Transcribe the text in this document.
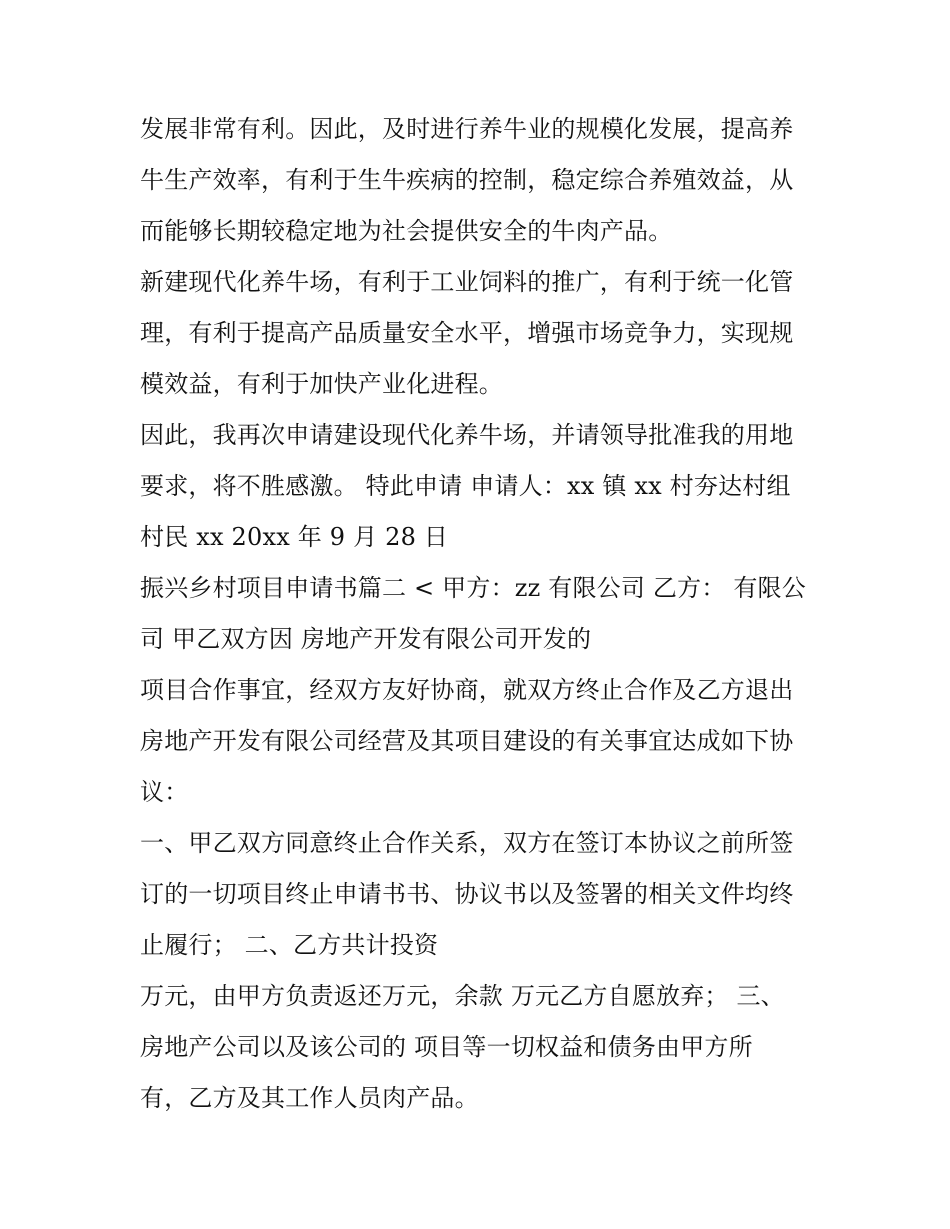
发展非常有利。因此，及时进行养牛业的规模化发展，提高养
牛生产效率，有利于生牛疾病的控制，稳定综合养殖效益，从
而能够长期较稳定地为社会提供安全的牛肉产品。
新建现代化养牛场，有利于工业饲料的推广，有利于统一化管
理，有利于提高产品质量安全水平，增强市场竞争力，实现规
模效益，有利于加快产业化进程。
因此，我再次申请建设现代化养牛场，并请领导批准我的用地
要求，将不胜感激。 特此申请 申请人：xx 镇 xx 村夯达村组
村民 xx 20xx 年 9 月 28 日
振兴乡村项目申请书篇二 < 甲方：zz 有限公司 乙方： 有限公
司 甲乙双方因 房地产开发有限公司开发的
项目合作事宜，经双方友好协商，就双方终止合作及乙方退出
房地产开发有限公司经营及其项目建设的有关事宜达成如下协
议：
一、甲乙双方同意终止合作关系，双方在签订本协议之前所签
订的一切项目终止申请书书、协议书以及签署的相关文件均终
止履行； 二、乙方共计投资
万元，由甲方负责返还万元，余款 万元乙方自愿放弃； 三、
房地产公司以及该公司的 项目等一切权益和债务由甲方所
有，乙方及其工作人员肉产品。
